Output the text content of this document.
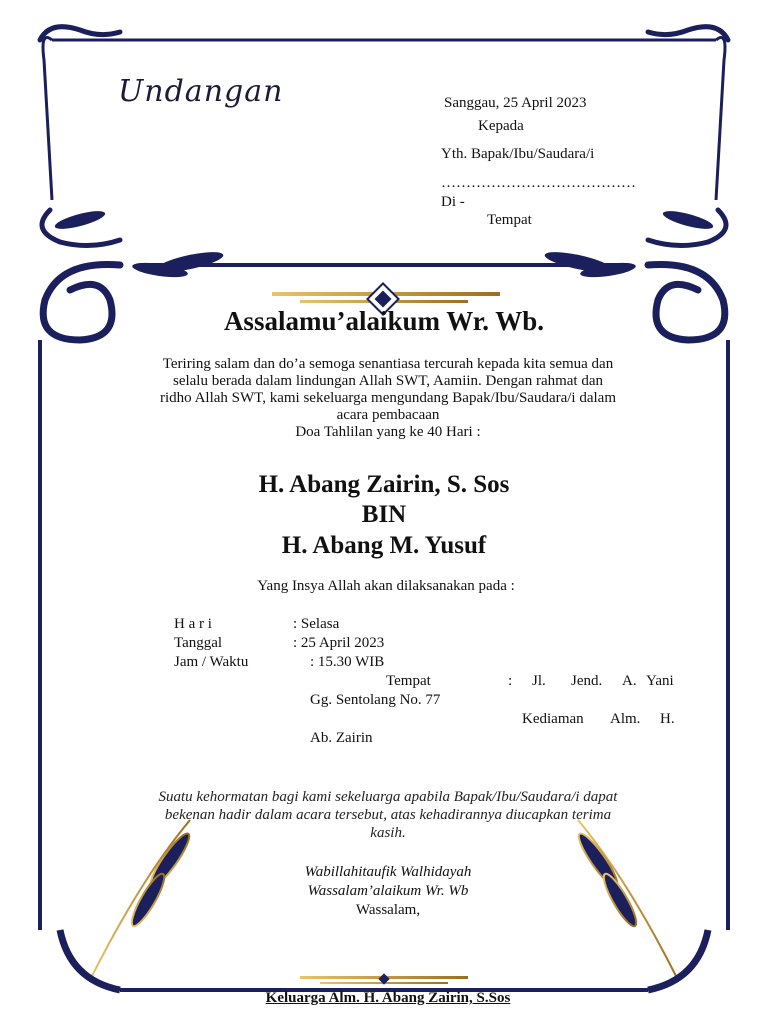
Undangan	Sanggau, 25 April 2023
Kepada
Yth. Bapak/Ibu/Saudara/i
…………………………………
Di -
Tempat
Assalamu’alaikum Wr. Wb.
Teriring salam dan do’a semoga senantiasa tercurah kepada kita semua dan
selalu berada dalam lindungan Allah SWT, Aamiin. Dengan rahmat dan
ridho Allah SWT, kami sekeluarga mengundang Bapak/Ibu/Saudara/i dalam
acara pembacaan
Doa Tahlilan yang ke 40 Hari :
H. Abang Zairin, S. Sos
BIN
H. Abang M. Yusuf
Yang Insya Allah akan dilaksanakan pada :
H a r i	: Selasa
Tanggal	: 25 April 2023
Jam / Waktu	: 15.30 WIB
Tempat	: Jl. Jend. A. Yani
Gg. Sentolang No. 77
Kediaman Alm. H.
Ab. Zairin
Suatu kehormatan bagi kami sekeluarga apabila Bapak/Ibu/Saudara/i dapat
bekenan hadir dalam acara tersebut, atas kehadirannya diucapkan terima
kasih.
Wabillahitaufik Walhidayah
Wassalam’alaikum Wr. Wb
Wassalam,
Keluarga Alm. H. Abang Zairin, S.Sos
